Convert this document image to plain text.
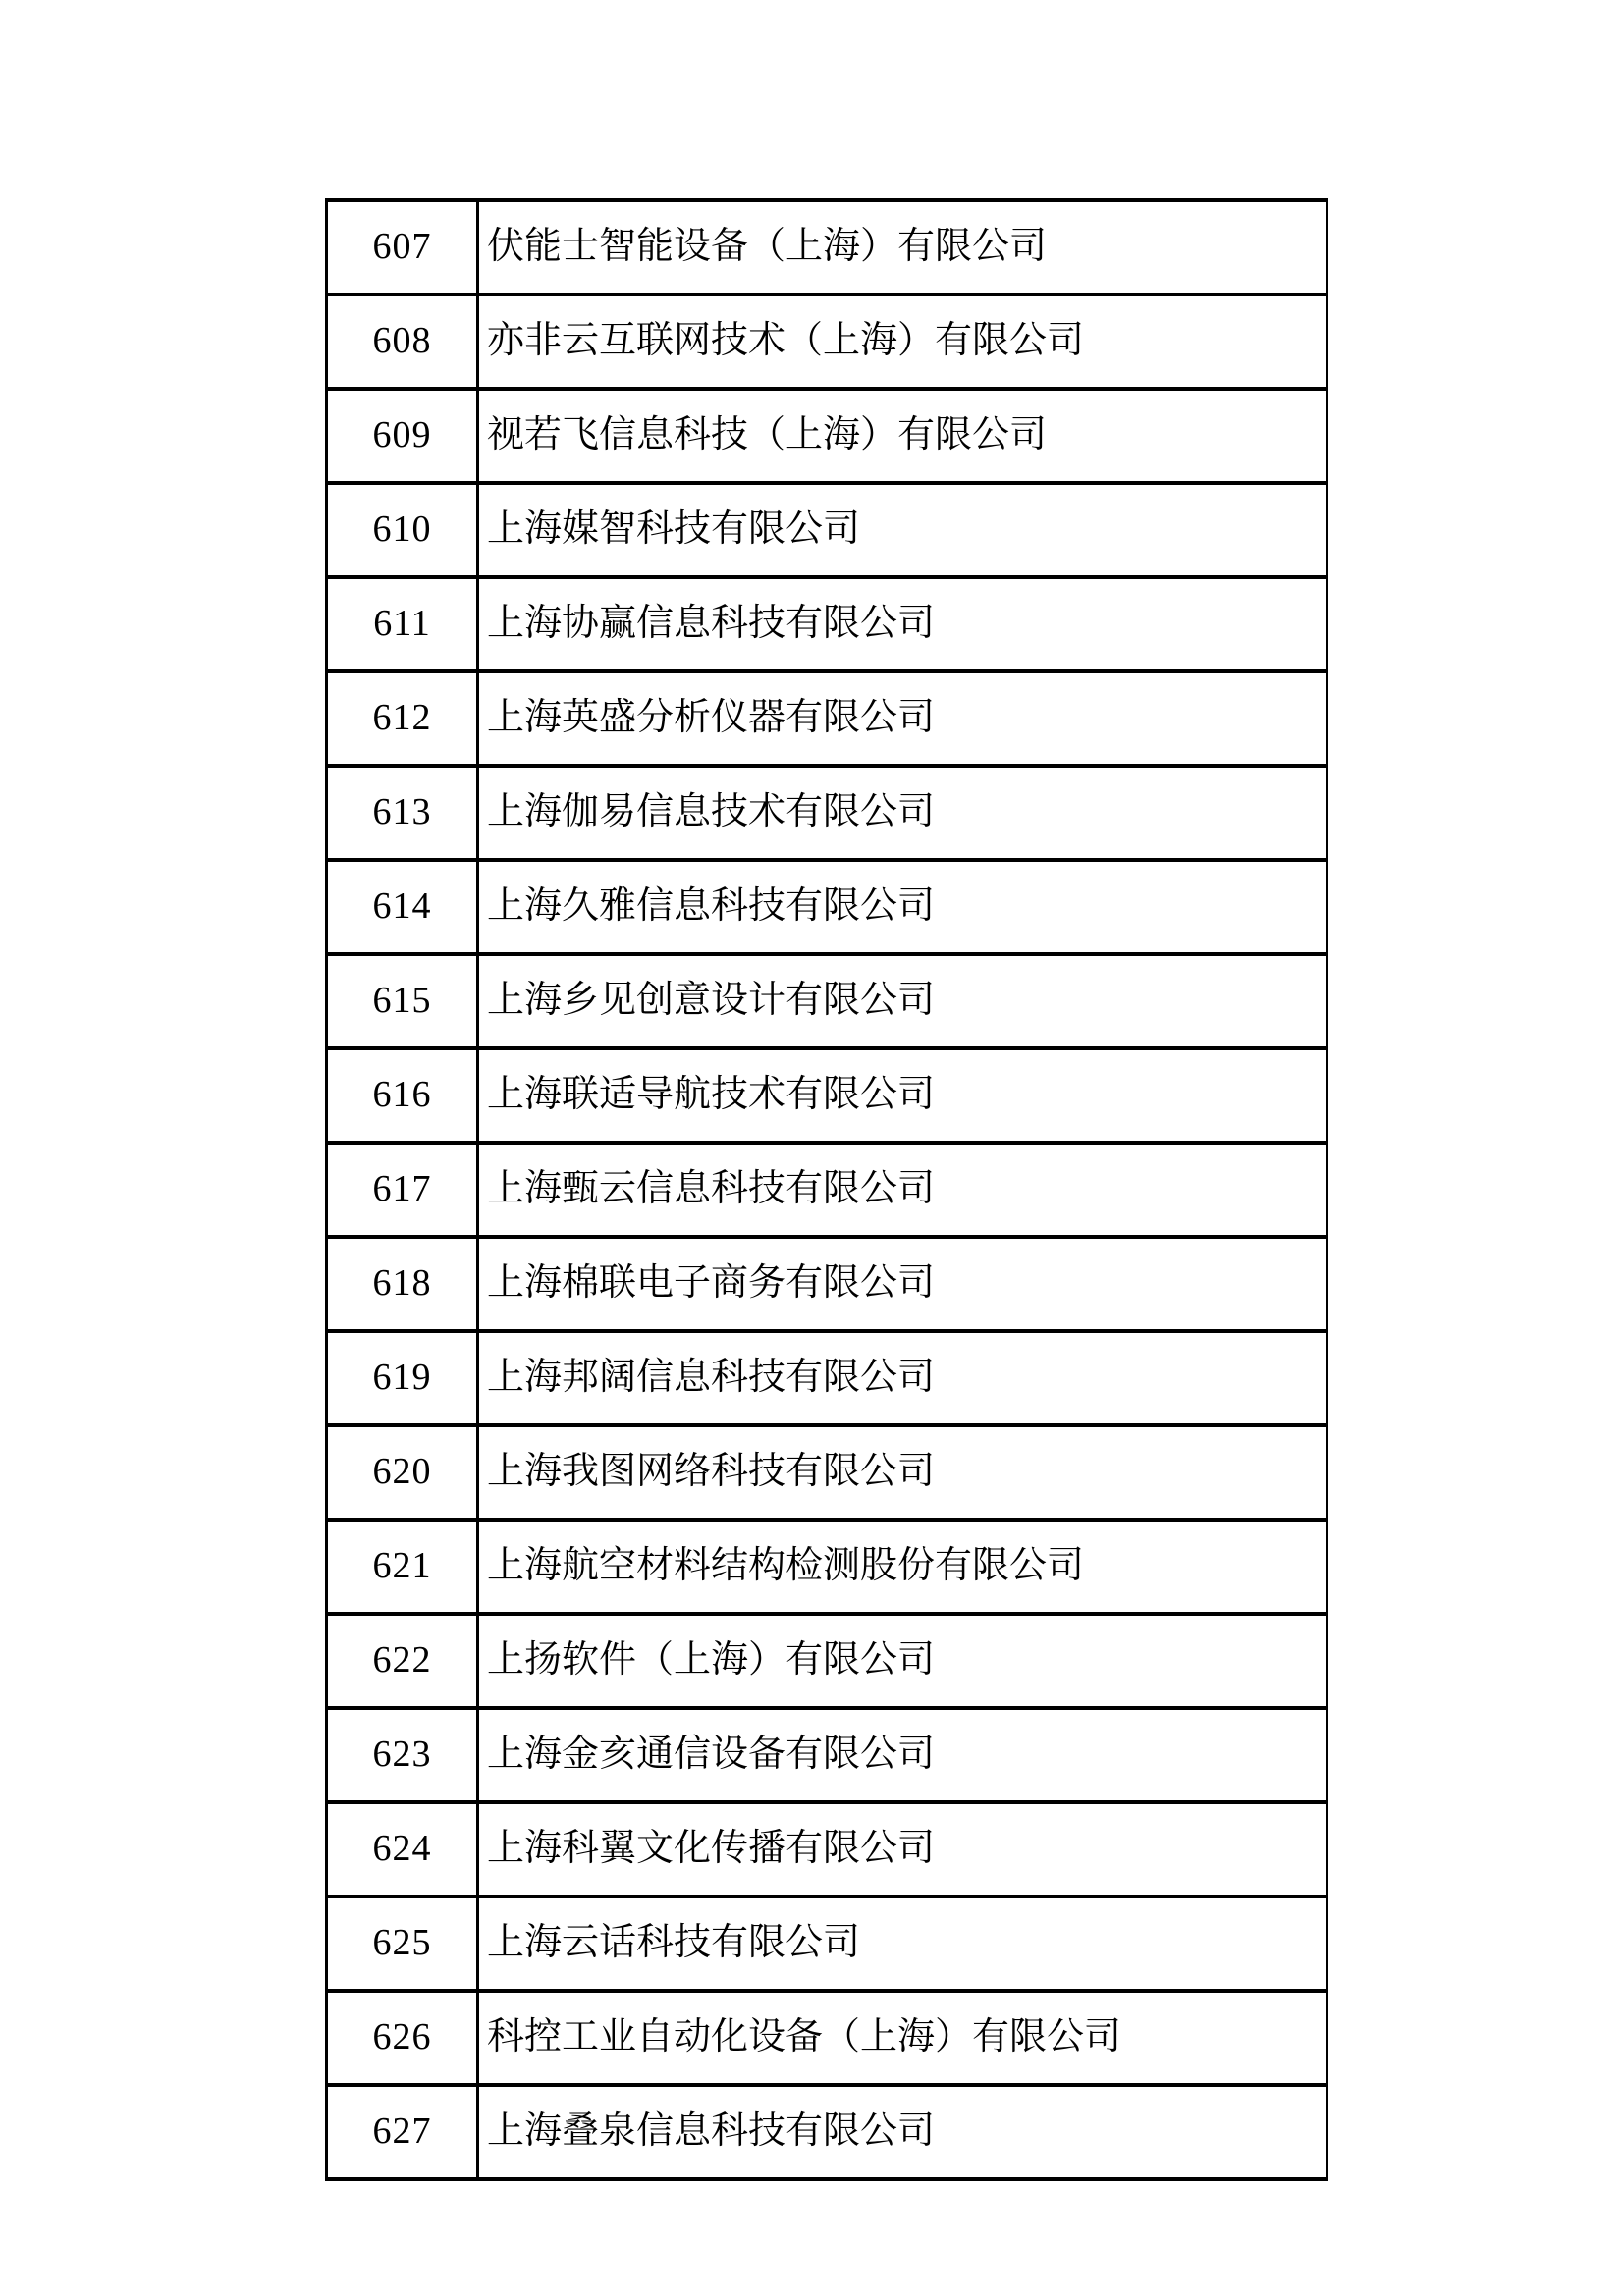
607	伏能士智能设备（上海）有限公司
608	亦非云互联网技术（上海）有限公司
609	视若飞信息科技（上海）有限公司
610	上海媒智科技有限公司
611	上海协赢信息科技有限公司
612	上海英盛分析仪器有限公司
613	上海伽易信息技术有限公司
614	上海久雅信息科技有限公司
615	上海乡见创意设计有限公司
616	上海联适导航技术有限公司
617	上海甄云信息科技有限公司
618	上海棉联电子商务有限公司
619	上海邦阔信息科技有限公司
620	上海我图网络科技有限公司
621	上海航空材料结构检测股份有限公司
622	上扬软件（上海）有限公司
623	上海金亥通信设备有限公司
624	上海科翼文化传播有限公司
625	上海云话科技有限公司
626	科控工业自动化设备（上海）有限公司
627	上海叠泉信息科技有限公司
